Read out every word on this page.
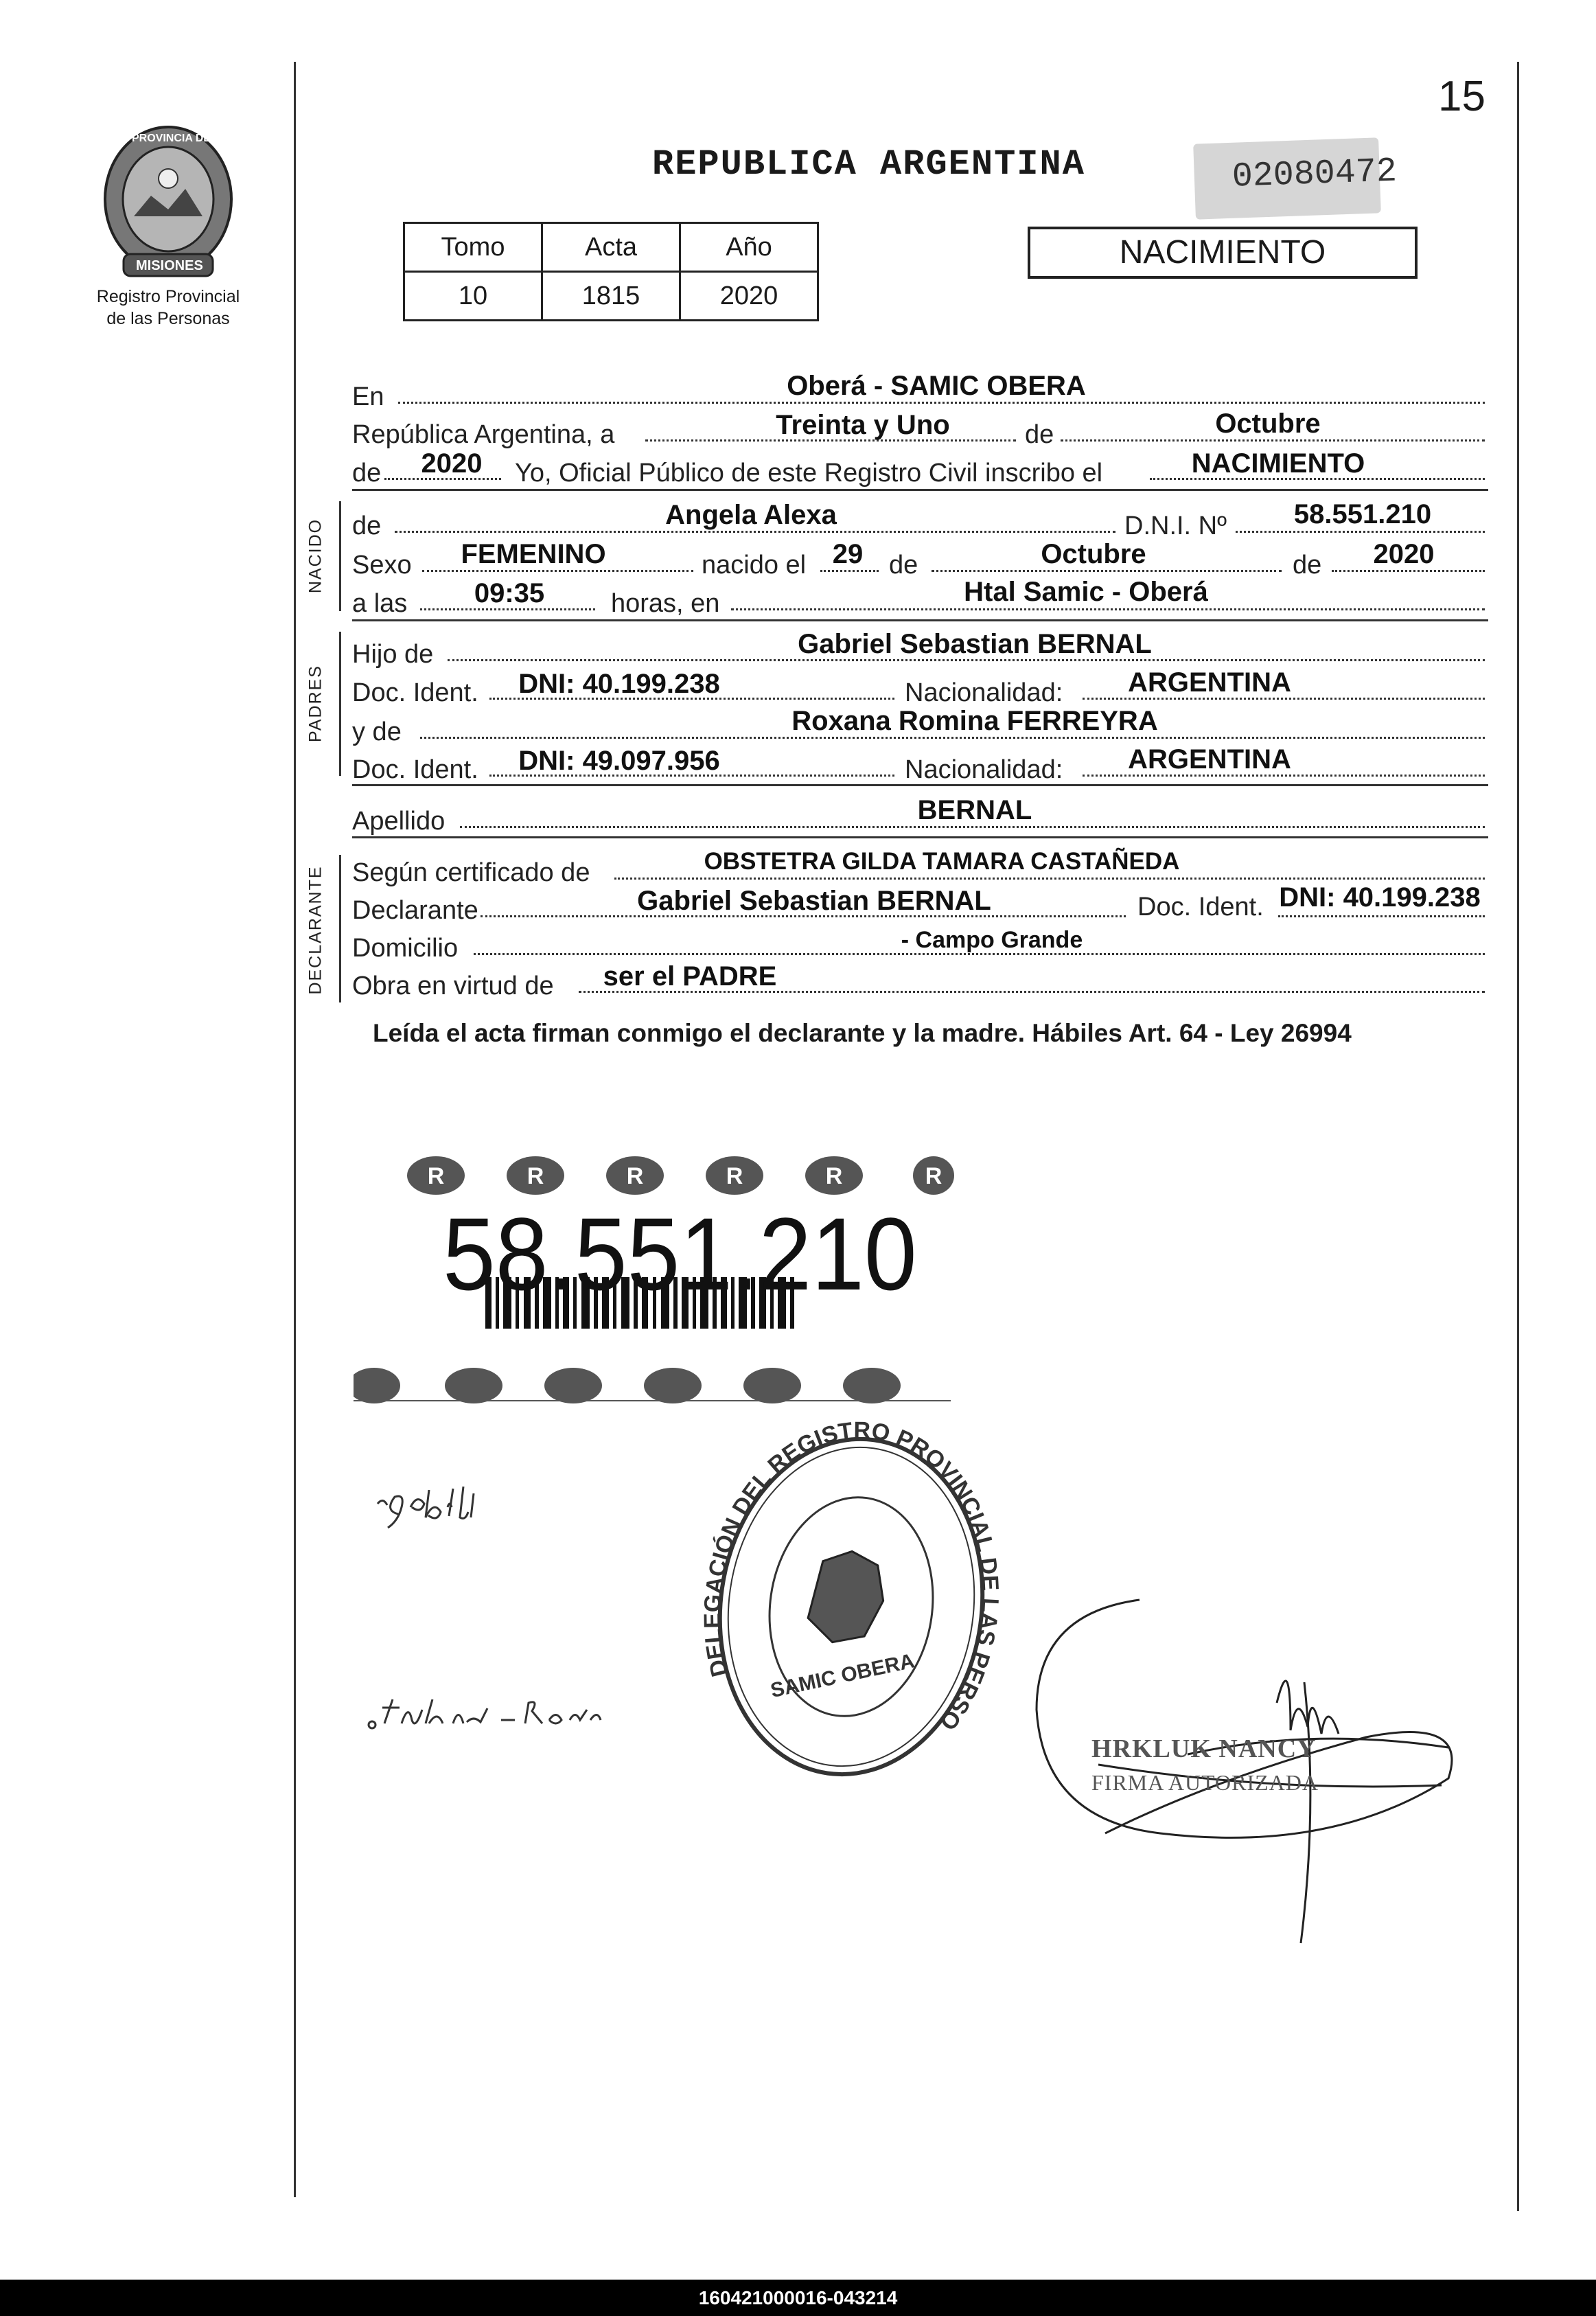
15
02080472
PROVINCIA DE
MISIONES
Registro Provincial
de las Personas
REPUBLICA ARGENTINA
Tomo	Acta	Año
10	1815	2020
NACIMIENTO
En	Oberá - SAMIC OBERA
República Argentina, a	Treinta y Uno	de	Octubre
de 2020 Yo, Oficial Público de este Registro Civil inscribo el	NACIMIENTO
NACIDO de	Angela Alexa	D.N.I. Nº 58.551.210
Sexo FEMENINO	nacido el 29 de	Octubre	de 2020
a las 09:35	horas, en	Htal Samic - Oberá
PADRES
Hijo de	Gabriel Sebastian BERNAL
Doc. Ident. DNI: 40.199.238	Nacionalidad: ARGENTINA
y de	Roxana Romina FERREYRA
Doc. Ident. DNI: 49.097.956	Nacionalidad: ARGENTINA
Apellido	BERNAL
DECLARANTE Según certificado de	OBSTETRA GILDA TAMARA CASTAÑEDA
Declarante	Gabriel Sebastian BERNAL	Doc. Ident. DNI: 40.199.238
Domicilio	- Campo Grande
Obra en virtud de ser el PADRE
Leída el acta firman conmigo el declarante y la madre. Hábiles Art. 64 - Ley 26994
R	R	R	R	R	R
58.551.210
DELEGACIÓN DEL REGISTRO PROVINCIAL DE LAS PERSONAS
SAMIC OBERA
HRKLUK NANCY
FIRMA AUTORIZADA
160421000016-043214
